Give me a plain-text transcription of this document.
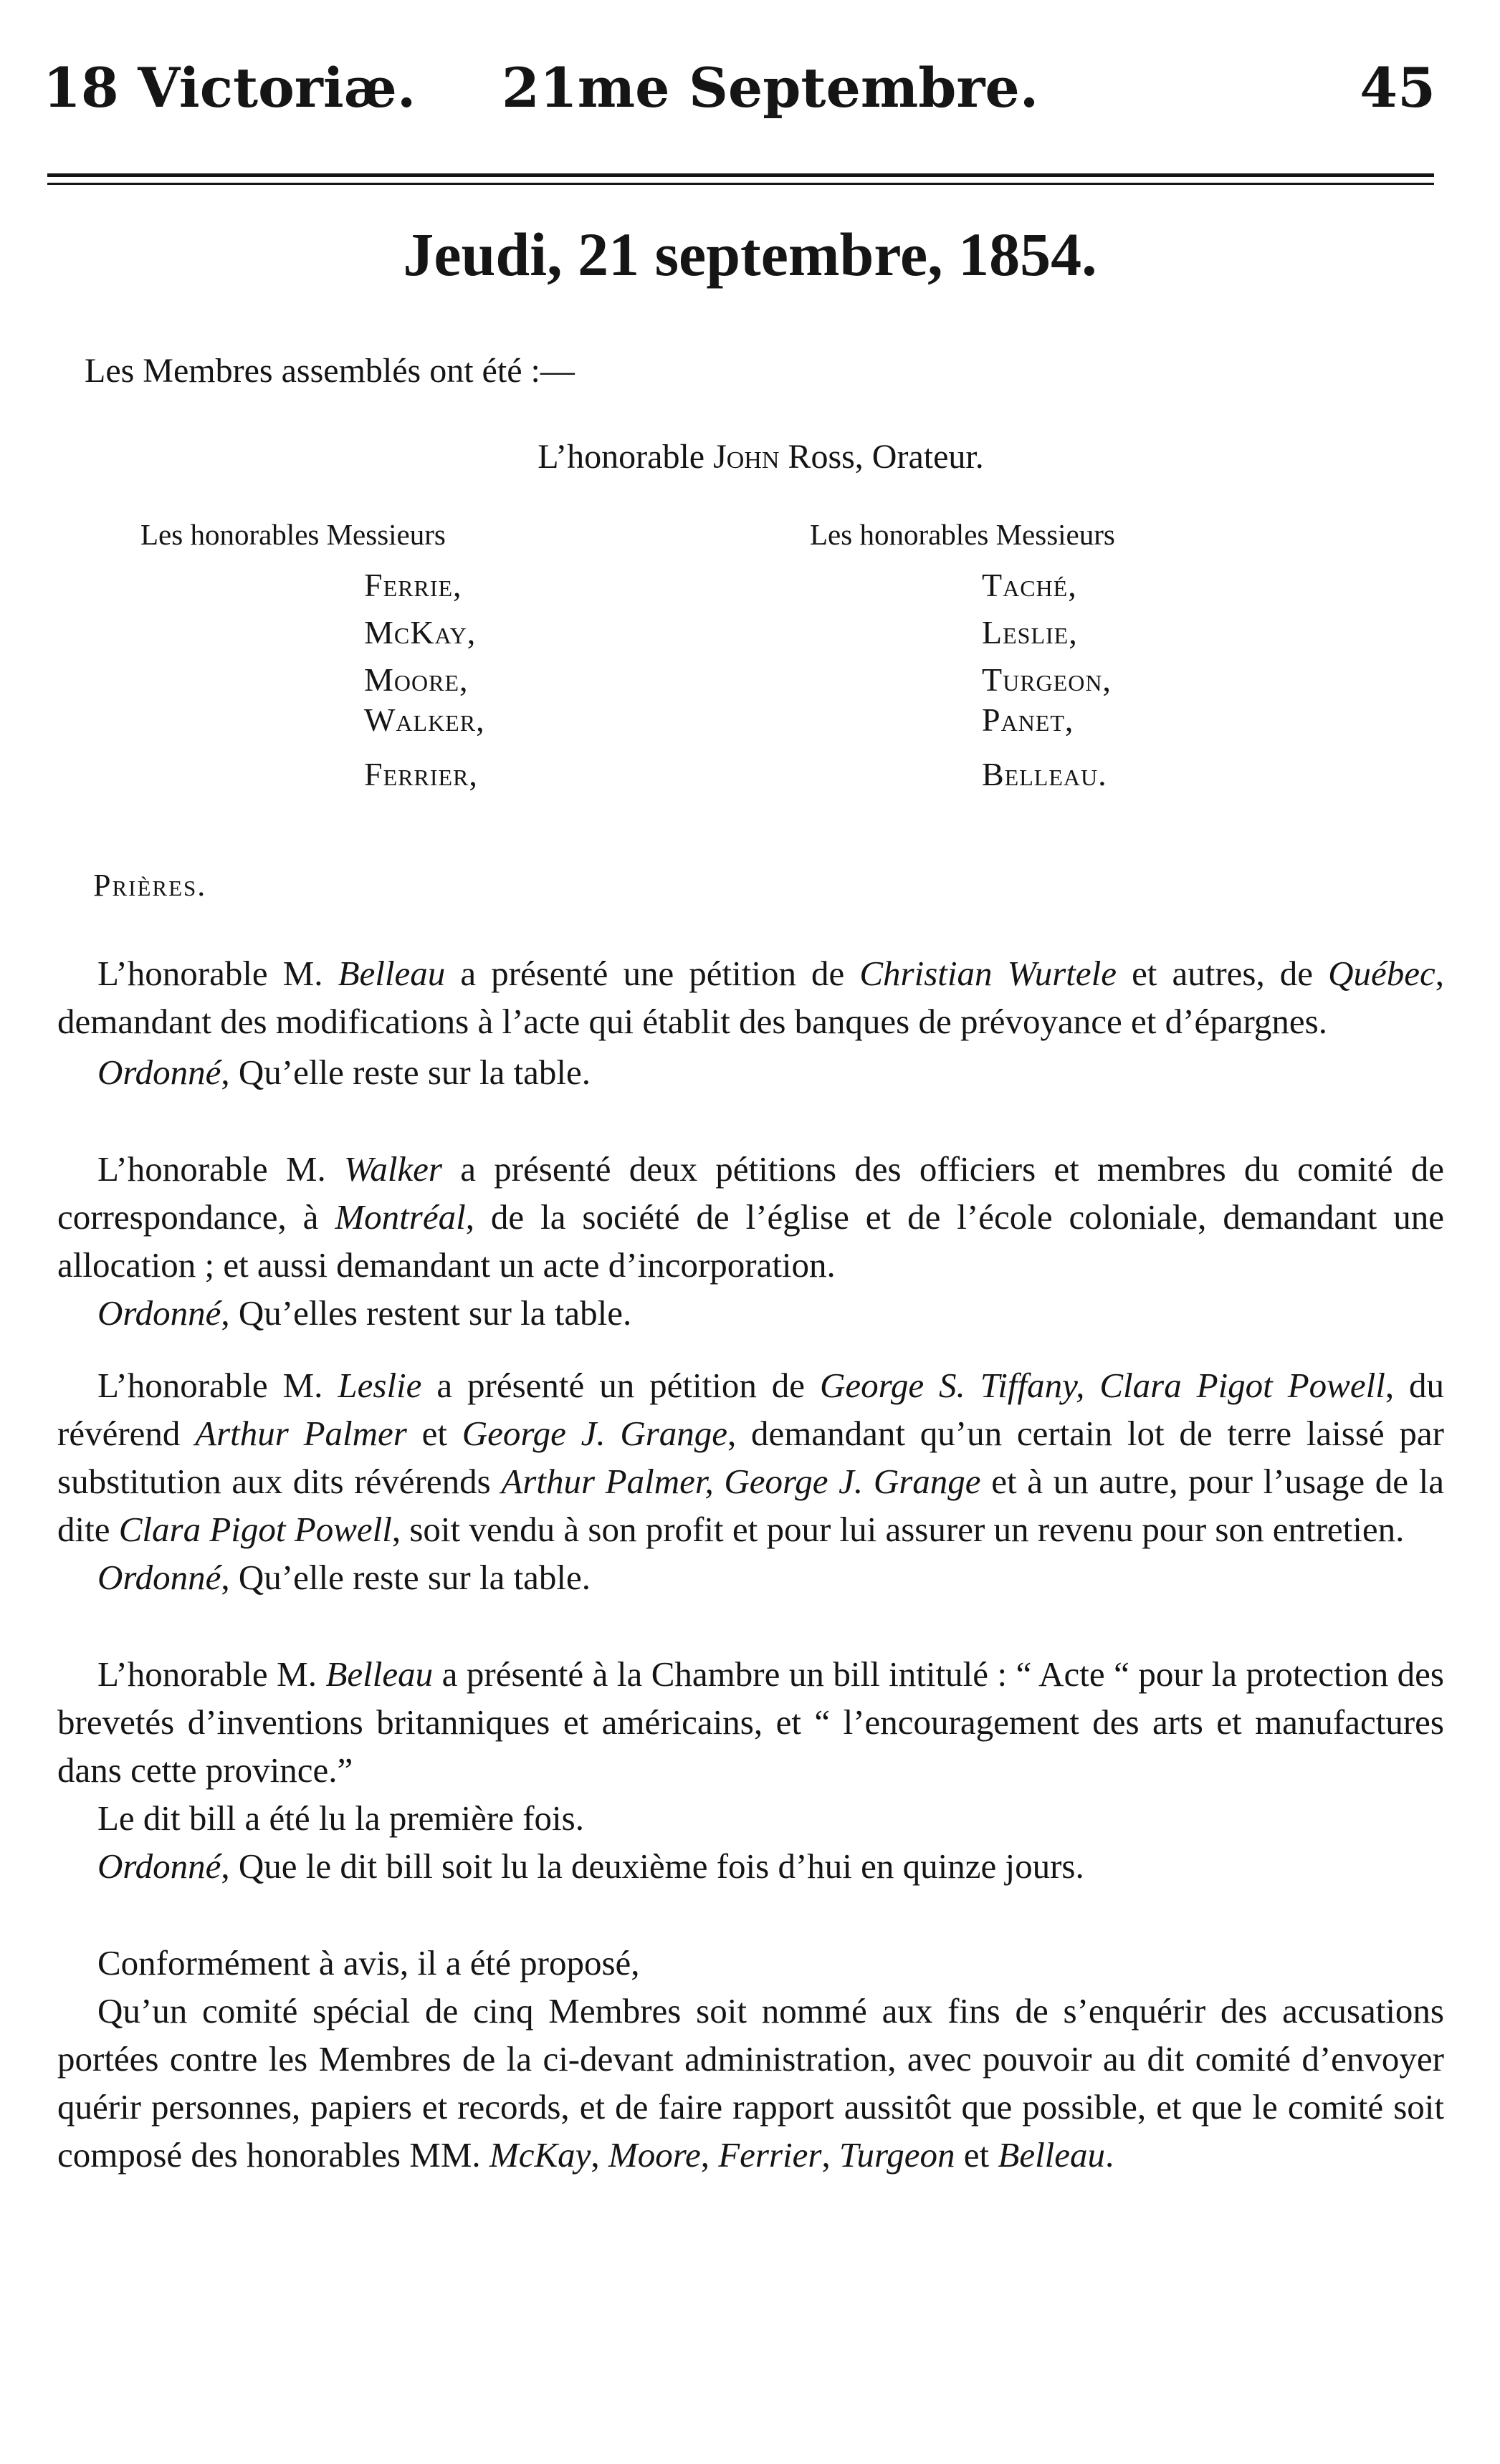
18 Victoriæ. 21me Septembre.	45
Jeudi, 21 septembre, 1854.
Les Membres assemblés ont été :—
L’honorable John Ross, Orateur.
Les honorables Messieurs	Les honorables Messieurs
Ferrie,
McKay,
Moore,
Walker,
Ferrier,
Taché,
Leslie,
Turgeon,
Panet,
Belleau.
Prières.

L’honorable M. Belleau a présenté une pétition de Christian Wurtele et autres, de Québec, demandant des modifications à l’acte qui établit des banques de prévoyance et d’épargnes.

Ordonné, Qu’elle reste sur la table.

L’honorable M. Walker a présenté deux pétitions des officiers et membres du comité de correspondance, à Montréal, de la société de l’église et de l’école coloniale, demandant une allocation ; et aussi demandant un acte d’incorporation.

Ordonné, Qu’elles restent sur la table.

L’honorable M. Leslie a présenté un pétition de George S. Tiffany, Clara Pigot Powell, du révérend Arthur Palmer et George J. Grange, demandant qu’un certain lot de terre laissé par substitution aux dits révérends Arthur Palmer, George J. Grange et à un autre, pour l’usage de la dite Clara Pigot Powell, soit vendu à son profit et pour lui assurer un revenu pour son entretien.

Ordonné, Qu’elle reste sur la table.

L’honorable M. Belleau a présenté à la Chambre un bill intitulé : “ Acte “ pour la protection des brevetés d’inventions britanniques et américains, et “ l’encouragement des arts et manufactures dans cette province.”

Le dit bill a été lu la première fois.

Ordonné, Que le dit bill soit lu la deuxième fois d’hui en quinze jours.

Conformément à avis, il a été proposé,

Qu’un comité spécial de cinq Membres soit nommé aux fins de s’enquérir des accusations portées contre les Membres de la ci-devant administration, avec pouvoir au dit comité d’envoyer quérir personnes, papiers et records, et de faire rapport aussitôt que possible, et que le comité soit composé des honorables MM. McKay, Moore, Ferrier, Turgeon et Belleau.
